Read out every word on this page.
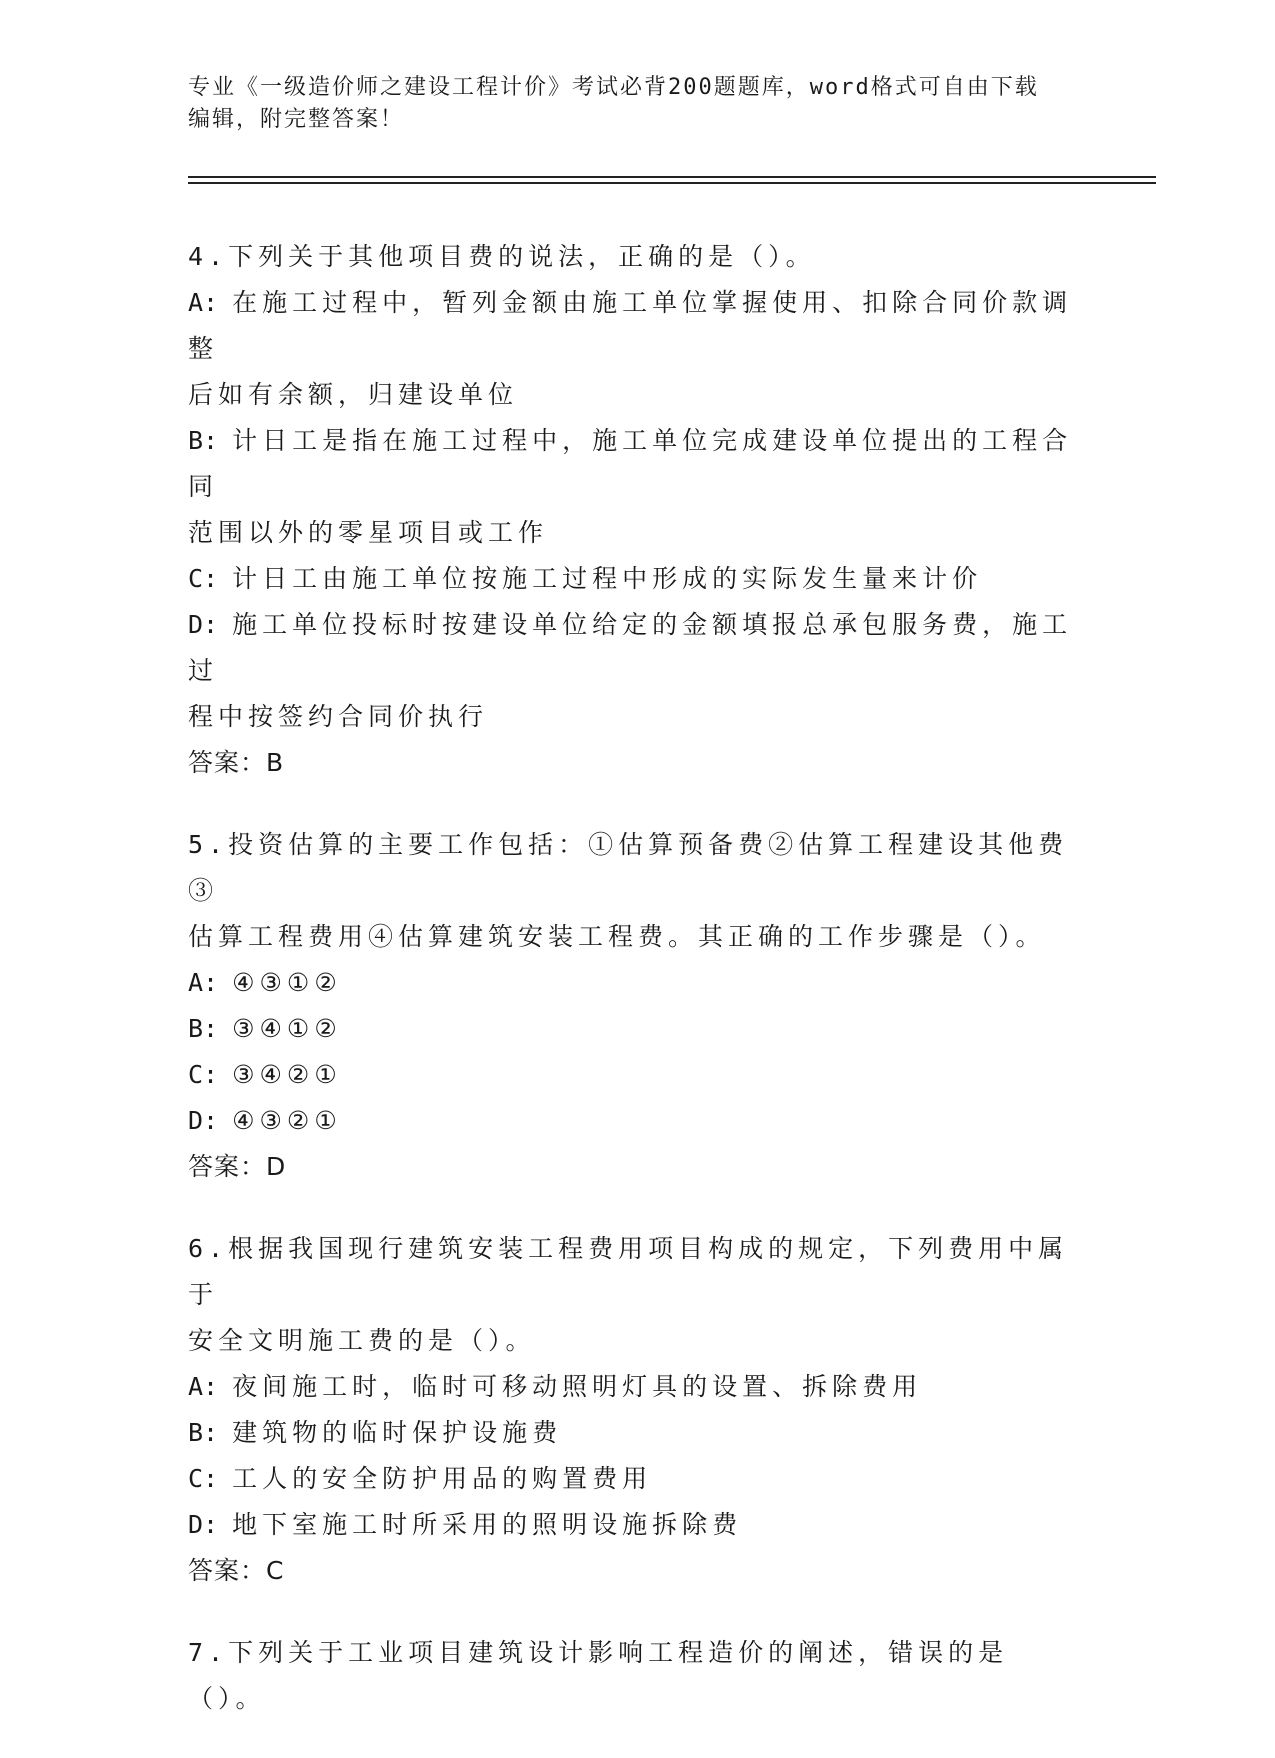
专业《一级造价师之建设工程计价》考试必背200题题库，word格式可自由下载
编辑，附完整答案！

4.下列关于其他项目费的说法，正确的是（）。

A: 在施工过程中，暂列金额由施工单位掌握使用、扣除合同价款调整

后如有余额，归建设单位

B: 计日工是指在施工过程中，施工单位完成建设单位提出的工程合同

范围以外的零星项目或工作

C: 计日工由施工单位按施工过程中形成的实际发生量来计价

D: 施工单位投标时按建设单位给定的金额填报总承包服务费，施工过

程中按签约合同价执行

答案：B

5.投资估算的主要工作包括：①估算预备费②估算工程建设其他费③

估算工程费用④估算建筑安装工程费。其正确的工作步骤是（）。

A: ④③①②

B: ③④①②

C: ③④②①

D: ④③②①

答案：D

6.根据我国现行建筑安装工程费用项目构成的规定，下列费用中属于

安全文明施工费的是（）。

A: 夜间施工时，临时可移动照明灯具的设置、拆除费用

B: 建筑物的临时保护设施费

C: 工人的安全防护用品的购置费用

D: 地下室施工时所采用的照明设施拆除费

答案：C

7.下列关于工业项目建筑设计影响工程造价的阐述，错误的是（）。
